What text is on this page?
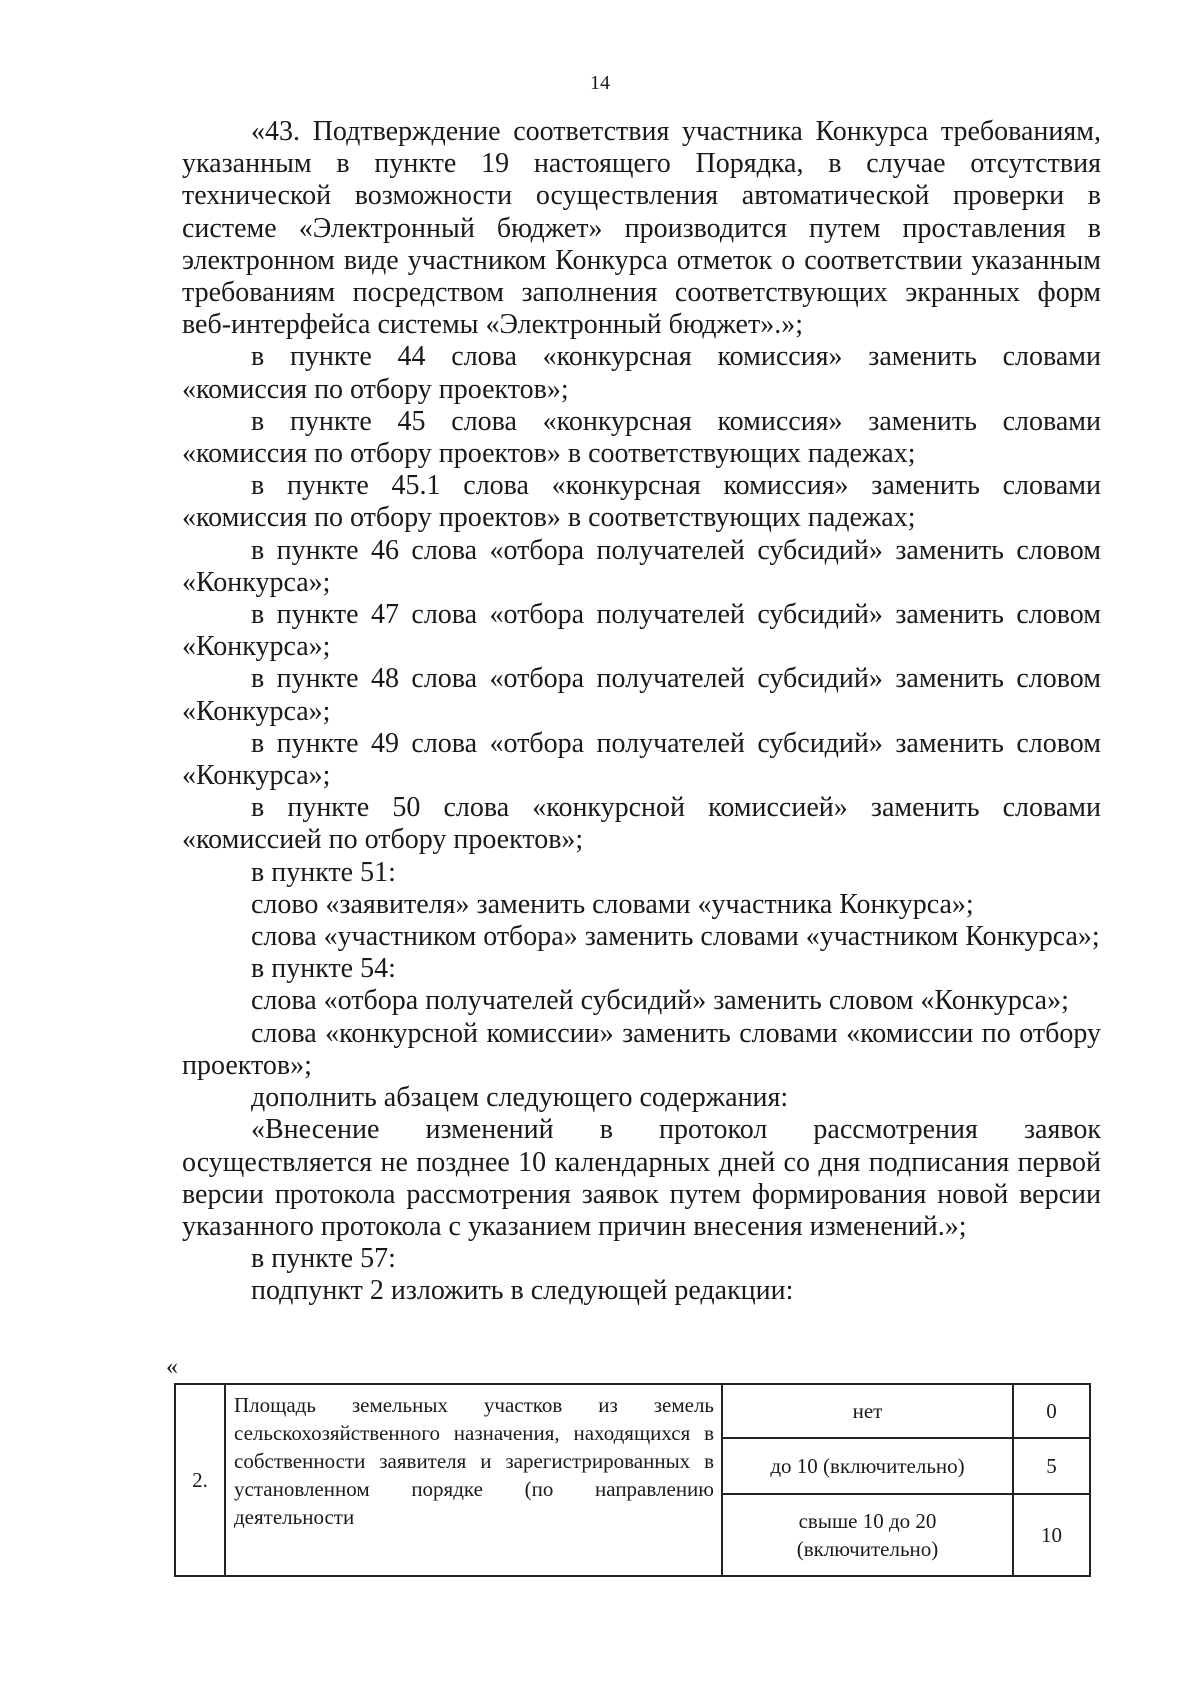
14

«43. Подтверждение соответствия участника Конкурса требованиям, указанным в пункте 19 настоящего Порядка, в случае отсутствия технической возможности осуществления автоматической проверки в системе «Электронный бюджет» производится путем проставления в электронном виде участником Конкурса отметок о соответствии указанным требованиям посредством заполнения соответствующих экранных форм веб-интерфейса системы «Электронный бюджет».»;

в пункте 44 слова «конкурсная комиссия» заменить словами «комиссия по отбору проектов»;

в пункте 45 слова «конкурсная комиссия» заменить словами «комиссия по отбору проектов» в соответствующих падежах;

в пункте 45.1 слова «конкурсная комиссия» заменить словами «комиссия по отбору проектов» в соответствующих падежах;

в пункте 46 слова «отбора получателей субсидий» заменить словом «Конкурса»;

в пункте 47 слова «отбора получателей субсидий» заменить словом «Конкурса»;

в пункте 48 слова «отбора получателей субсидий» заменить словом «Конкурса»;

в пункте 49 слова «отбора получателей субсидий» заменить словом «Конкурса»;

в пункте 50 слова «конкурсной комиссией» заменить словами «комиссией по отбору проектов»;

в пункте 51:

слово «заявителя» заменить словами «участника Конкурса»;

слова «участником отбора» заменить словами «участником Конкурса»;

в пункте 54:

слова «отбора получателей субсидий» заменить словом «Конкурса»;

слова «конкурсной комиссии» заменить словами «комиссии по отбору проектов»;

дополнить абзацем следующего содержания:

«Внесение изменений в протокол рассмотрения заявок осуществляется не позднее 10 календарных дней со дня подписания первой версии протокола рассмотрения заявок путем формирования новой версии указанного протокола с указанием причин внесения изменений.»;

в пункте 57:

подпункт 2 изложить в следующей редакции:

«
2.	Площадь земельных участков из земель сельскохозяйственного назначения, находящихся в собственности заявителя и зарегистрированных в установленном порядке (по направлению деятельности	нет	0
		до 10 (включительно)	5
		свыше 10 до 20 (включительно)	10
